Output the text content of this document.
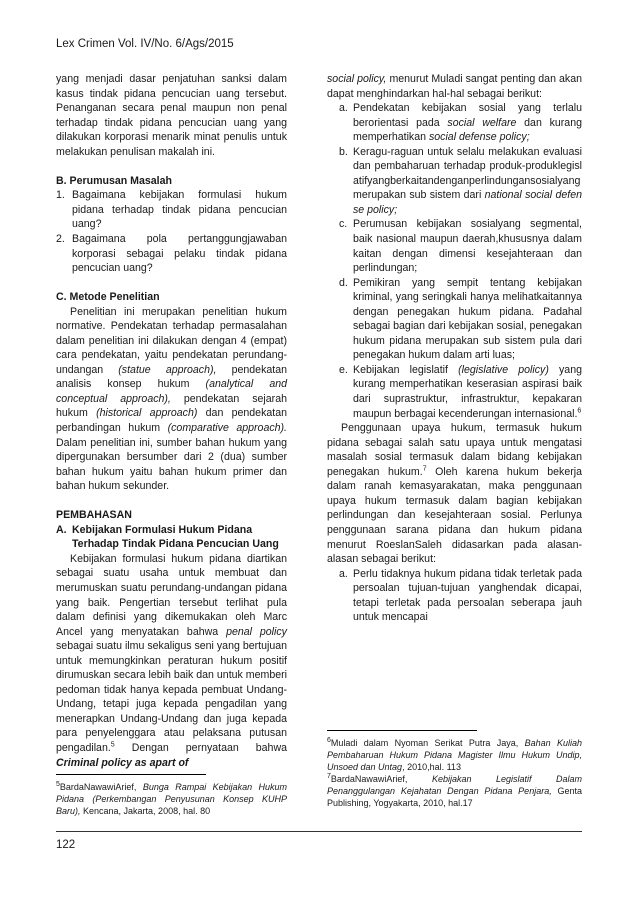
Lex Crimen Vol. IV/No. 6/Ags/2015

yang menjadi dasar penjatuhan sanksi dalam kasus tindak pidana pencucian uang tersebut. Penanganan secara penal maupun non penal terhadap tindak pidana pencucian uang yang dilakukan korporasi menarik minat penulis untuk melakukan penulisan makalah ini.

B. Perumusan Masalah

1. Bagaimana kebijakan formulasi hukum pidana terhadap tindak pidana pencucian uang?
2. Bagaimana pola pertanggungjawaban korporasi sebagai pelaku tindak pidana pencucian uang?

C. Metode Penelitian

Penelitian ini merupakan penelitian hukum normative. Pendekatan terhadap permasalahan dalam penelitian ini dilakukan dengan 4 (empat) cara pendekatan, yaitu pendekatan perundang-undangan (statue approach), pendekatan analisis konsep hukum (analytical and conceptual approach), pendekatan sejarah hukum (historical approach) dan pendekatan perbandingan hukum (comparative approach). Dalam penelitian ini, sumber bahan hukum yang dipergunakan bersumber dari 2 (dua) sumber bahan hukum yaitu bahan hukum primer dan bahan hukum sekunder.

PEMBAHASAN

A. Kebijakan Formulasi Hukum Pidana Terhadap Tindak Pidana Pencucian Uang

Kebijakan formulasi hukum pidana diartikan sebagai suatu usaha untuk membuat dan merumuskan suatu perundang-undangan pidana yang baik. Pengertian tersebut terlihat pula dalam definisi yang dikemukakan oleh Marc Ancel yang menyatakan bahwa penal policy sebagai suatu ilmu sekaligus seni yang bertujuan untuk memungkinkan peraturan hukum positif dirumuskan secara lebih baik dan untuk memberi pedoman tidak hanya kepada pembuat Undang-Undang, tetapi juga kepada pengadilan yang menerapkan Undang-Undang dan juga kepada para penyelenggara atau pelaksana putusan pengadilan.$^5$ Dengan pernyataan bahwa Criminal policy as apart of

$^5$BardaNawawiArief, Bunga Rampai Kebijakan Hukum Pidana (Perkembangan Penyusunan Konsep KUHP Baru), Kencana, Jakarta, 2008, hal. 80

social policy, menurut Muladi sangat penting dan akan dapat menghindarkan hal-hal sebagai berikut:

a. Pendekatan kebijakan sosial yang terlalu berorientasi pada social welfare dan kurang memperhatikan social defense policy;
b. Keragu-raguan untuk selalu melakukan evaluasidan pembaharuan terhadap produk-produklegislatifyangberkaitandenganperlindungansosialyang merupakan sub sistem dari national social defense policy;
c. Perumusan kebijakan sosialyang segmental, baik nasional maupun daerah,khususnya dalam kaitan dengan dimensi kesejahteraan dan perlindungan;
d. Pemikiran yang sempit tentang kebijakan kriminal, yang seringkali hanya melihatkaitannya dengan penegakan hukum pidana. Padahal sebagai bagian dari kebijakan sosial, penegakan hukum pidana merupakan sub sistem pula dari penegakan hukum dalam arti luas;
e. Kebijakan legislatif (legislative policy) yang kurang memperhatikan keserasian aspirasi baik dari suprastruktur, infrastruktur, kepakaran maupun berbagai kecenderungan internasional.$^6$

Penggunaan upaya hukum, termasuk hukum pidana sebagai salah satu upaya untuk mengatasi masalah sosial termasuk dalam bidang kebijakan penegakan hukum.$^7$ Oleh karena hukum bekerja dalam ranah kemasyarakatan, maka penggunaan upaya hukum termasuk dalam bagian kebijakan perlindungan dan kesejahteraan sosial. Perlunya penggunaan sarana pidana dan hukum pidana menurut RoeslanSaleh didasarkan pada alasan-alasan sebagai berikut:

a. Perlu tidaknya hukum pidana tidak terletak pada persoalan tujuan-tujuan yanghendak dicapai, tetapi terletak pada persoalan seberapa jauh untuk mencapai

$^6$Muladi dalam Nyoman Serikat Putra Jaya, Bahan Kuliah Pembaharuan Hukum Pidana Magister Ilmu Hukum Undip, Unsoed dan Untag, 2010,hal. 113

$^7$BardaNawawiArief, Kebijakan Legislatif Dalam Penanggulangan Kejahatan Dengan Pidana Penjara, Genta Publishing, Yogyakarta, 2010, hal.17

122
